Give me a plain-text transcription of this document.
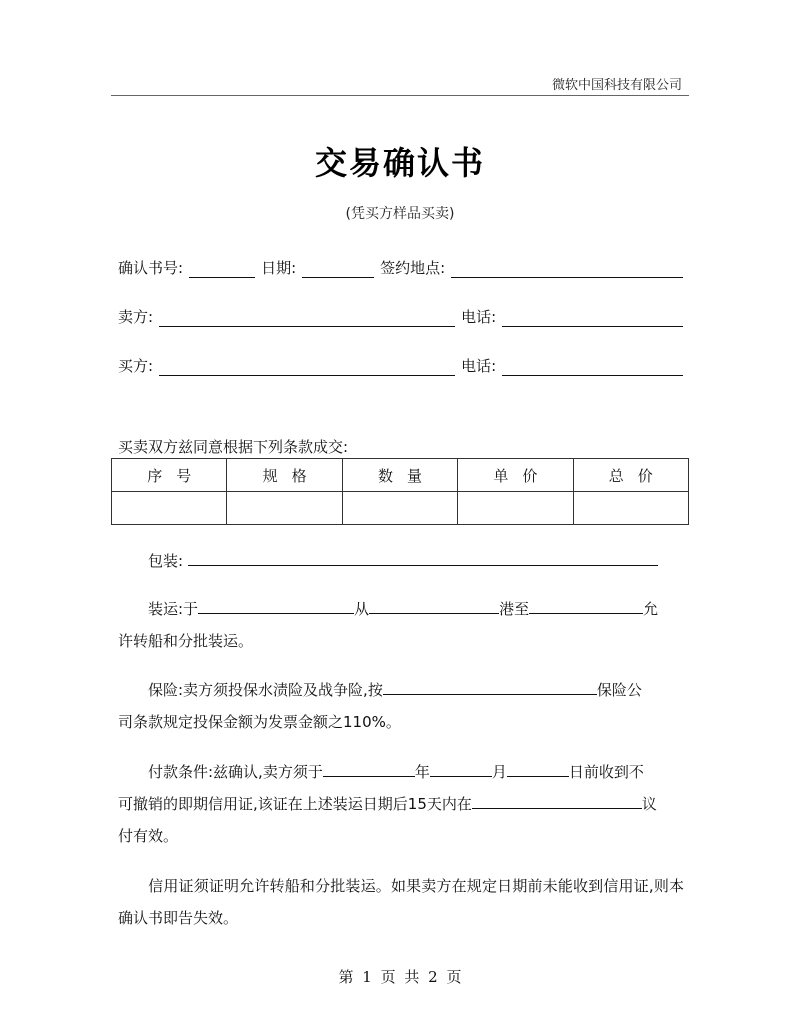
微软中国科技有限公司
交易确认书
(凭买方样品买卖)
确认书号:	日期:	签约地点:
卖方:	电话:
买方:	电话:
买卖双方兹同意根据下列条款成交:
序号	规格	数量	单价	总价

包装:
装运:于	从	港至	允
许转船和分批装运。
保险:卖方须投保水渍险及战争险,按	保险公
司条款规定投保金额为发票金额之110%。
付款条件:兹确认,卖方须于	年	月	日前收到不
可撤销的即期信用证,该证在上述装运日期后15天内在	议
付有效。
信用证须证明允许转船和分批装运。如果卖方在规定日期前未能收到信用证,则本确认书即告失效。
第 1 页 共 2 页
